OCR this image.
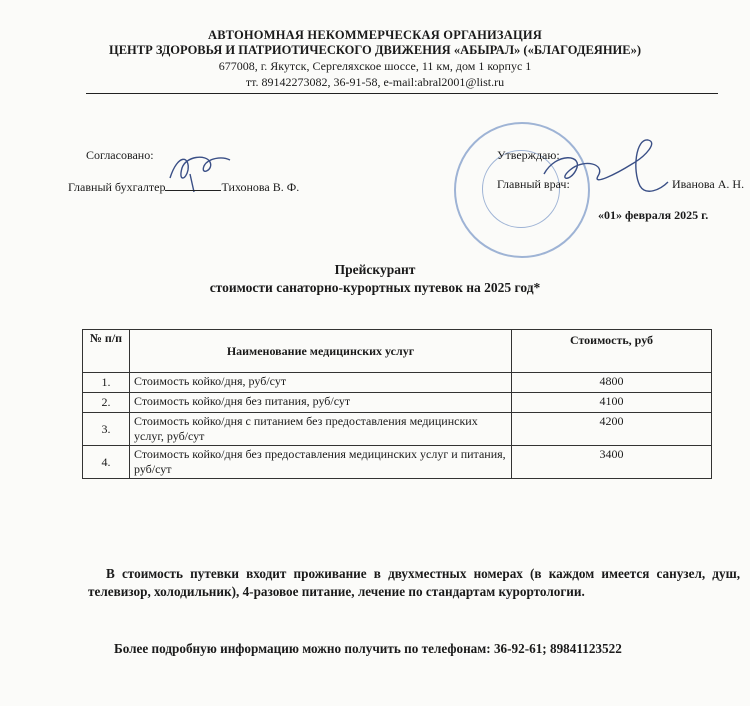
АВТОНОМНАЯ НЕКОММЕРЧЕСКАЯ ОРГАНИЗАЦИЯ
ЦЕНТР ЗДОРОВЬЯ И ПАТРИОТИЧЕСКОГО ДВИЖЕНИЯ «АБЫРАЛ» («БЛАГОДЕЯНИЕ»)
677008, г. Якутск, Сергеляхское шоссе, 11 км, дом 1 корпус 1
тт. 89142273082, 36-91-58, e-mail:abral2001@list.ru
Согласовано:
Главный бухгалтер	Тихонова В. Ф.
Утверждаю:
Главный врач:	Иванова А. Н.
«01» февраля 2025 г.
Прейскурант
стоимости санаторно-курортных путевок на 2025 год*
№ п/п	Наименование медицинских услуг	Стоимость, руб
1.	Стоимость койко/дня, руб/сут	4800
2.	Стоимость койко/дня без питания, руб/сут	4100
3.	Стоимость койко/дня с питанием без предоставления медицинских услуг, руб/сут	4200
4.	Стоимость койко/дня без предоставления медицинских услуг и питания, руб/сут	3400
В стоимость путевки входит проживание в двухместных номерах (в каждом имеется санузел, душ, телевизор, холодильник), 4-разовое питание, лечение по стандартам курортологии.
Более подробную информацию можно получить по телефонам: 36-92-61; 89841123522
